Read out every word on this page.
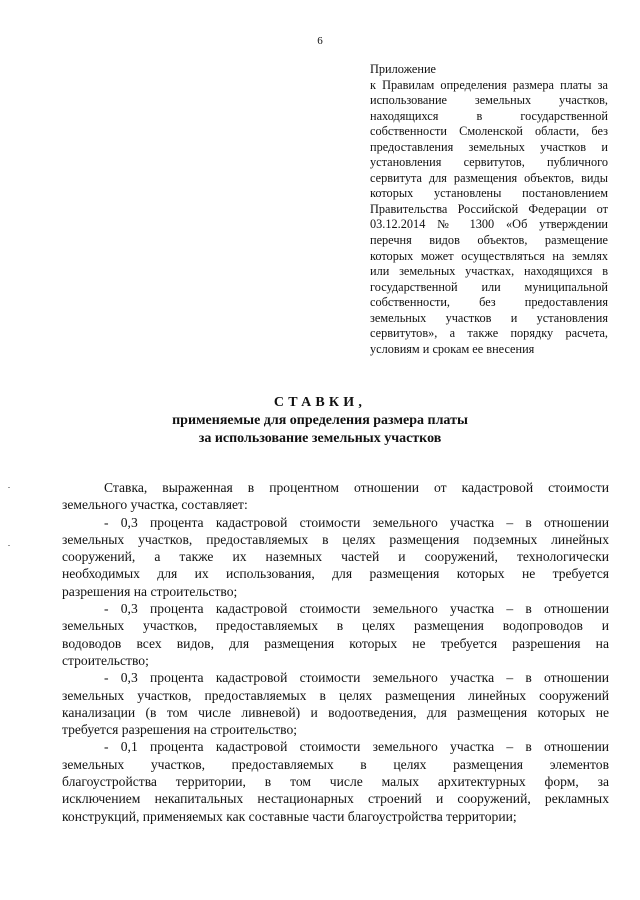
6
Приложение
к Правилам определения размера платы за
использование земельных участков,
находящихся в государственной
собственности Смоленской области, без
предоставления земельных участков и
установления сервитутов, публичного
сервитута для размещения объектов, виды
которых установлены постановлением
Правительства Российской Федерации от
03.12.2014 № 1300 «Об утверждении
перечня видов объектов, размещение
которых может осуществляться на землях
или земельных участках, находящихся в
государственной или муниципальной
собственности, без предоставления
земельных участков и установления
сервитутов», а также порядку расчета,
условиям и срокам ее внесения
СТАВКИ,
применяемые для определения размера платы
за использование земельных участков
Ставка, выраженная в процентном отношении от кадастровой стоимости
земельного участка, составляет:
- 0,3 процента кадастровой стоимости земельного участка – в отношении
земельных участков, предоставляемых в целях размещения подземных линейных
сооружений, а также их наземных частей и сооружений, технологически
необходимых для их использования, для размещения которых не требуется
разрешения на строительство;
- 0,3 процента кадастровой стоимости земельного участка – в отношении
земельных участков, предоставляемых в целях размещения водопроводов и
водоводов всех видов, для размещения которых не требуется разрешения на
строительство;
- 0,3 процента кадастровой стоимости земельного участка – в отношении
земельных участков, предоставляемых в целях размещения линейных сооружений
канализации (в том числе ливневой) и водоотведения, для размещения которых не
требуется разрешения на строительство;
- 0,1 процента кадастровой стоимости земельного участка – в отношении
земельных участков, предоставляемых в целях размещения элементов
благоустройства территории, в том числе малых архитектурных форм, за
исключением некапитальных нестационарных строений и сооружений, рекламных
конструкций, применяемых как составные части благоустройства территории;
